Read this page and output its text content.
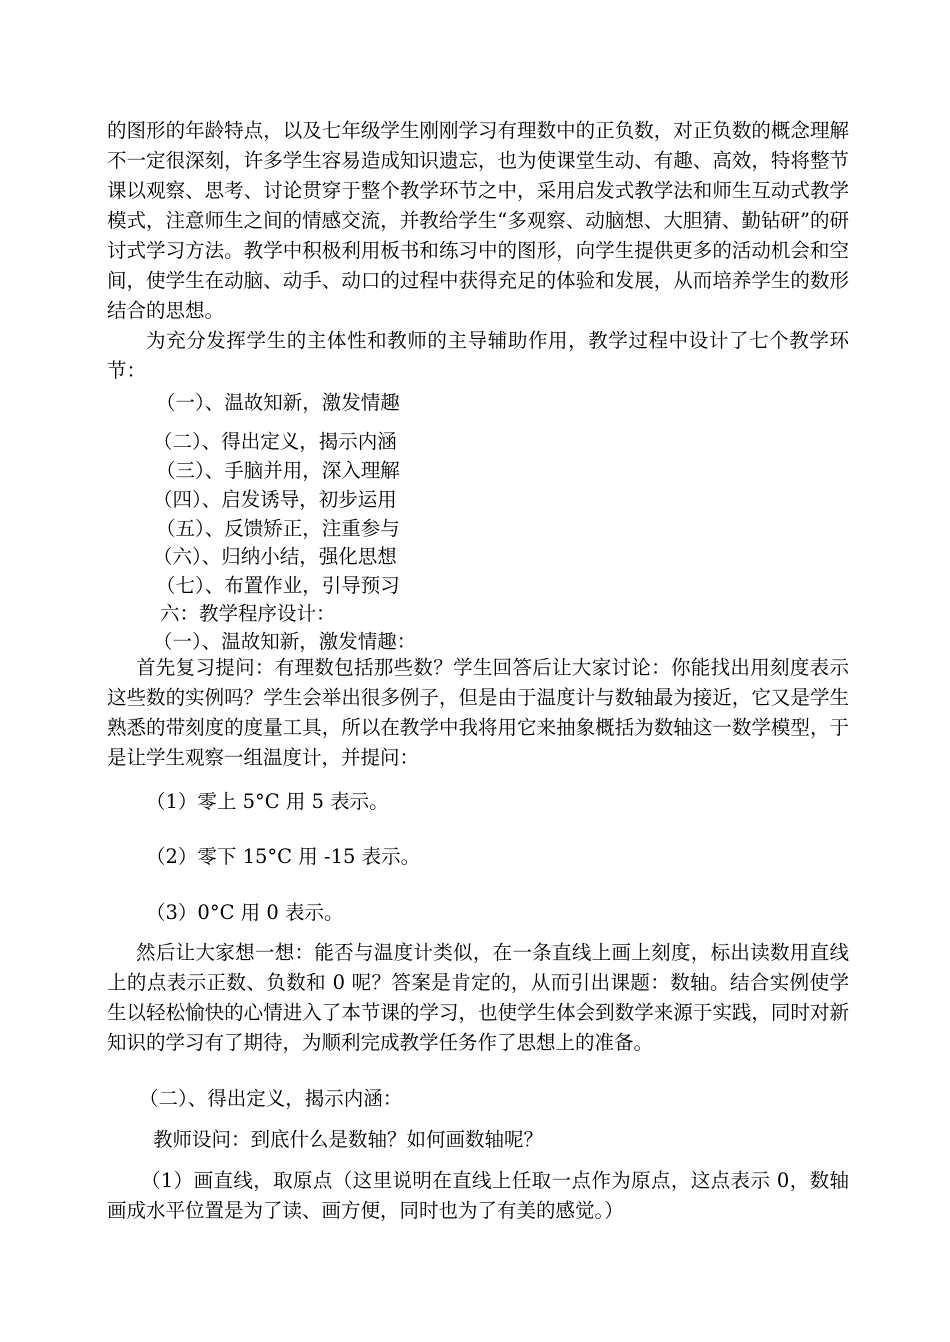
的图形的年龄特点，以及七年级学生刚刚学习有理数中的正负数，对正负数的概念理解不一定很深刻，许多学生容易造成知识遗忘，也为使课堂生动、有趣、高效，特将整节课以观察、思考、讨论贯穿于整个教学环节之中，采用启发式教学法和师生互动式教学模式，注意师生之间的情感交流，并教给学生“多观察、动脑想、大胆猜、勤钻研”的研讨式学习方法。教学中积极利用板书和练习中的图形，向学生提供更多的活动机会和空间，使学生在动脑、动手、动口的过程中获得充足的体验和发展，从而培养学生的数形结合的思想。

为充分发挥学生的主体性和教师的主导辅助作用，教学过程中设计了七个教学环节：

（一）、温故知新，激发情趣

（二）、得出定义，揭示内涵

（三）、手脑并用，深入理解

（四）、启发诱导，初步运用

（五）、反馈矫正，注重参与

（六）、归纳小结，强化思想

（七）、布置作业，引导预习

六：教学程序设计：

（一）、温故知新，激发情趣：

首先复习提问：有理数包括那些数？学生回答后让大家讨论：你能找出用刻度表示这些数的实例吗？学生会举出很多例子，但是由于温度计与数轴最为接近，它又是学生熟悉的带刻度的度量工具，所以在教学中我将用它来抽象概括为数轴这一数学模型，于是让学生观察一组温度计，并提问：

（1）零上 5°C 用 5 表示。

（2）零下 15°C 用 -15 表示。

（3）0°C 用 0 表示。

然后让大家想一想：能否与温度计类似，在一条直线上画上刻度，标出读数用直线上的点表示正数、负数和 0 呢？答案是肯定的，从而引出课题：数轴。结合实例使学生以轻松愉快的心情进入了本节课的学习，也使学生体会到数学来源于实践，同时对新知识的学习有了期待，为顺利完成教学任务作了思想上的准备。

（二）、得出定义，揭示内涵：

教师设问：到底什么是数轴？如何画数轴呢？

（1）画直线，取原点（这里说明在直线上任取一点作为原点，这点表示 0，数轴画成水平位置是为了读、画方便，同时也为了有美的感觉。）
